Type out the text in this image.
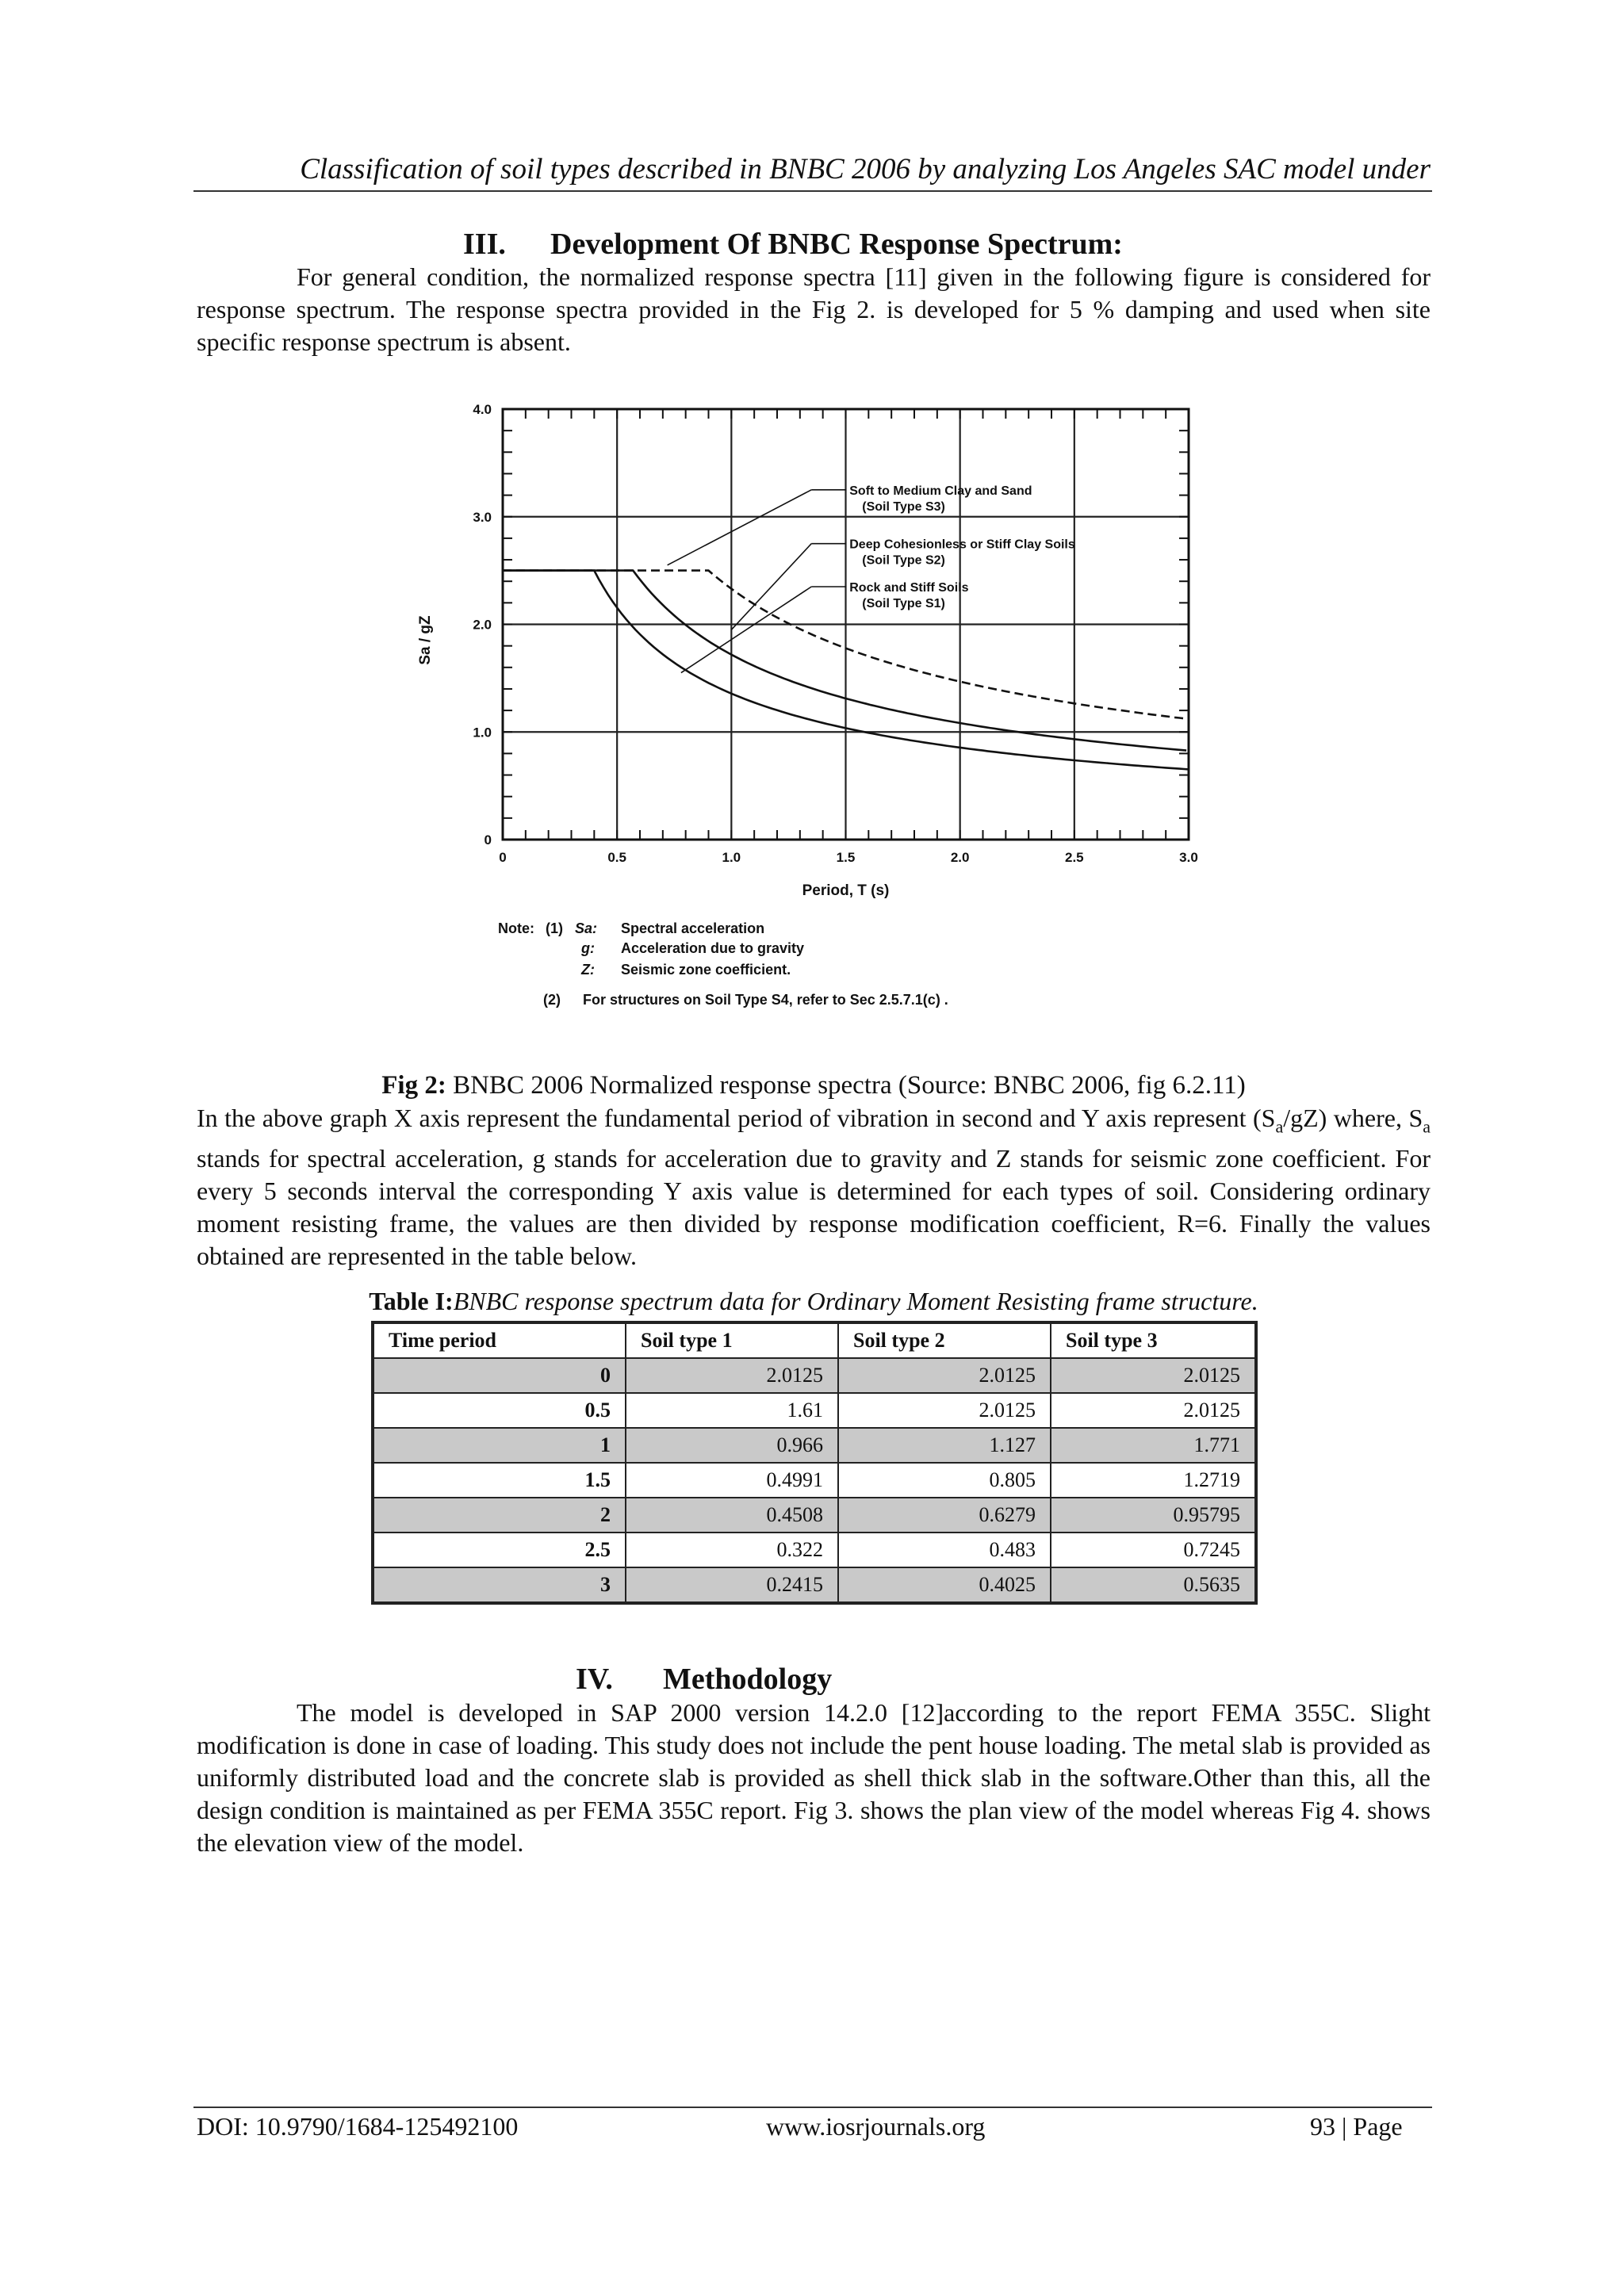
Classification of soil types described in BNBC 2006 by analyzing Los Angeles SAC model under
III. Development Of BNBC Response Spectrum:
For general condition, the normalized response spectra [11] given in the following figure is considered for response spectrum. The response spectra provided in the Fig 2. is developed for 5 % damping and used when site specific response spectrum is absent.
0	0.5	1.0	1.5	2.0	2.5	3.0
0
1.0
2.0
3.0
4.0
Period, T (s)
Sa / gZ
Rock and Stiff Soils
(Soil Type S1)
Deep Cohesionless or Stiff Clay Soils
(Soil Type S2)
Soft to Medium Clay and Sand
(Soil Type S3)
Note: (1) Sa: Spectral acceleration
g: Acceleration due to gravity
Z: Seismic zone coefficient.
(2) For structures on Soil Type S4, refer to Sec 2.5.7.1(c) .
Fig 2: BNBC 2006 Normalized response spectra (Source: BNBC 2006, fig 6.2.11)
In the above graph X axis represent the fundamental period of vibration in second and Y axis represent $(S_a/gZ)$ where, $S_a$ stands for spectral acceleration, g stands for acceleration due to gravity and Z stands for seismic zone coefficient. For every 5 seconds interval the corresponding Y axis value is determined for each types of soil. Considering ordinary moment resisting frame, the values are then divided by response modification coefficient, R=6. Finally the values obtained are represented in the table below.
Table I:BNBC response spectrum data for Ordinary Moment Resisting frame structure.
Time period	Soil type 1	Soil type 2	Soil type 3
0	2.0125	2.0125	2.0125
0.5	1.61	2.0125	2.0125
1	0.966	1.127	1.771
1.5	0.4991	0.805	1.2719
2	0.4508	0.6279	0.95795
2.5	0.322	0.483	0.7245
3	0.2415	0.4025	0.5635
IV. Methodology
The model is developed in SAP 2000 version 14.2.0 [12]according to the report FEMA 355C. Slight modification is done in case of loading. This study does not include the pent house loading. The metal slab is provided as uniformly distributed load and the concrete slab is provided as shell thick slab in the software.Other than this, all the design condition is maintained as per FEMA 355C report. Fig 3. shows the plan view of the model whereas Fig 4. shows the elevation view of the model.
DOI: 10.9790/1684-125492100	www.iosrjournals.org	93 | Page
